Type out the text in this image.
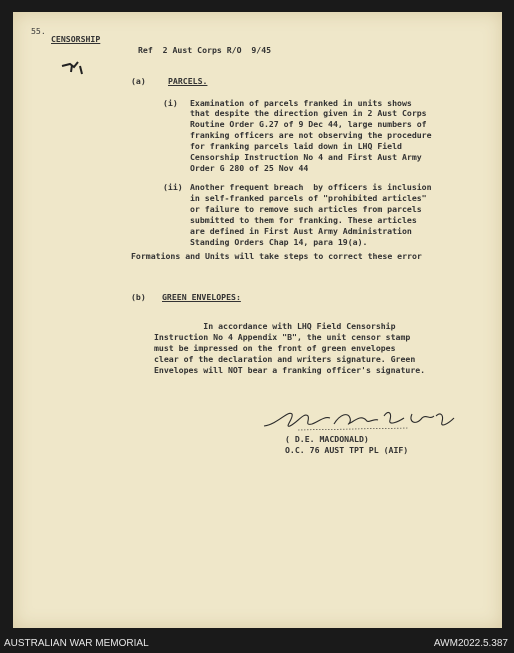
55.
CENSORSHIP
Ref  2 Aust Corps R/O  9/45
(a)	PARCELS.
(i) Examination of parcels franked in units shows
that despite the direction given in 2 Aust Corps
Routine Order G.27 of 9 Dec 44, large numbers of
franking officers are not observing the procedure
for franking parcels laid down in LHQ Field
Censorship Instruction No 4 and First Aust Army
Order G 280 of 25 Nov 44
(ii) Another frequent breach  by officers is inclusion
in self-franked parcels of "prohibited articles"
or failure to remove such articles from parcels
submitted to them for franking. These articles
are defined in First Aust Army Administration
Standing Orders Chap 14, para 19(a).
Formations and Units will take steps to correct these error
(b) GREEN ENVELOPES:
In accordance with LHQ Field Censorship
Instruction No 4 Appendix "B", the unit censor stamp
must be impressed on the front of green envelopes
clear of the declaration and writers signature. Green
Envelopes will NOT bear a franking officer's signature.
( D.E. MACDONALD)
O.C. 76 AUST TPT PL (AIF)
AUSTRALIAN WAR MEMORIAL	AWM2022.5.387
